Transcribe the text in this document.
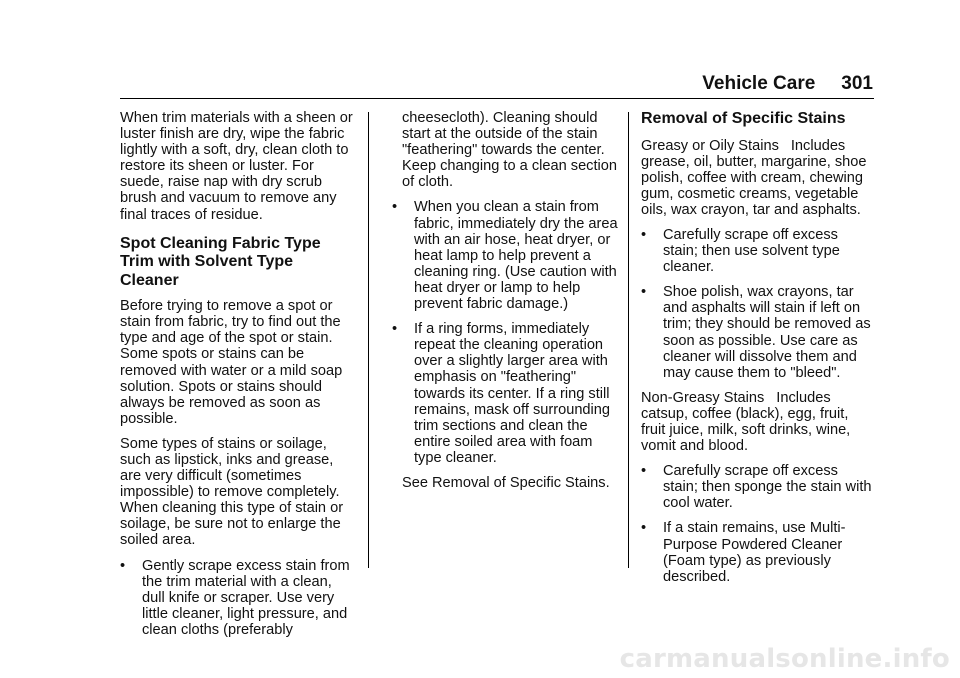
Vehicle Care 301

When trim materials with a sheen or luster finish are dry, wipe the fabric lightly with a soft, dry, clean cloth to restore its sheen or luster. For suede, raise nap with dry scrub brush and vacuum to remove any final traces of residue.

Spot Cleaning Fabric Type Trim with Solvent Type Cleaner

Before trying to remove a spot or stain from fabric, try to find out the type and age of the spot or stain. Some spots or stains can be removed with water or a mild soap solution. Spots or stains should always be removed as soon as possible.

Some types of stains or soilage, such as lipstick, inks and grease, are very difficult (sometimes impossible) to remove completely. When cleaning this type of stain or soilage, be sure not to enlarge the soiled area.

• Gently scrape excess stain from the trim material with a clean, dull knife or scraper. Use very little cleaner, light pressure, and clean cloths (preferably

cheesecloth). Cleaning should start at the outside of the stain "feathering" towards the center. Keep changing to a clean section of cloth.

• When you clean a stain from fabric, immediately dry the area with an air hose, heat dryer, or heat lamp to help prevent a cleaning ring. (Use caution with heat dryer or lamp to help prevent fabric damage.)
• If a ring forms, immediately repeat the cleaning operation over a slightly larger area with emphasis on "feathering" towards its center. If a ring still remains, mask off surrounding trim sections and clean the entire soiled area with foam type cleaner.

See Removal of Specific Stains.

Removal of Specific Stains

Greasy or Oily Stains Includes grease, oil, butter, margarine, shoe polish, coffee with cream, chewing gum, cosmetic creams, vegetable oils, wax crayon, tar and asphalts.

• Carefully scrape off excess stain; then use solvent type cleaner.
• Shoe polish, wax crayons, tar and asphalts will stain if left on trim; they should be removed as soon as possible. Use care as cleaner will dissolve them and may cause them to "bleed".

Non-Greasy Stains Includes catsup, coffee (black), egg, fruit, fruit juice, milk, soft drinks, wine, vomit and blood.

• Carefully scrape off excess stain; then sponge the stain with cool water.
• If a stain remains, use Multi-Purpose Powdered Cleaner (Foam type) as previously described.
carmanualsonline.info
